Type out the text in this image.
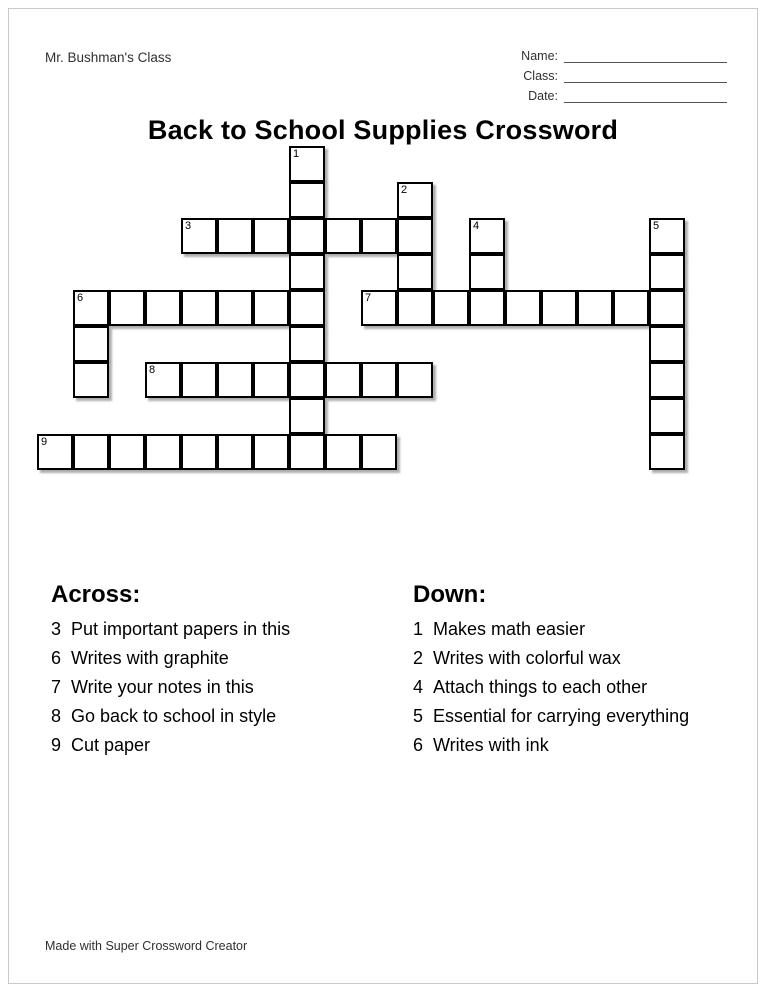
Mr. Bushman's Class	Name:
Class:
Date:
Back to School Supplies Crossword
1
2
3	4	5
6	7
8
9
Across:
3 Put important papers in this
6 Writes with graphite
7 Write your notes in this
8 Go back to school in style
9 Cut paper
Down:
1 Makes math easier
2 Writes with colorful wax
4 Attach things to each other
5 Essential for carrying everything
6 Writes with ink
Made with Super Crossword Creator
